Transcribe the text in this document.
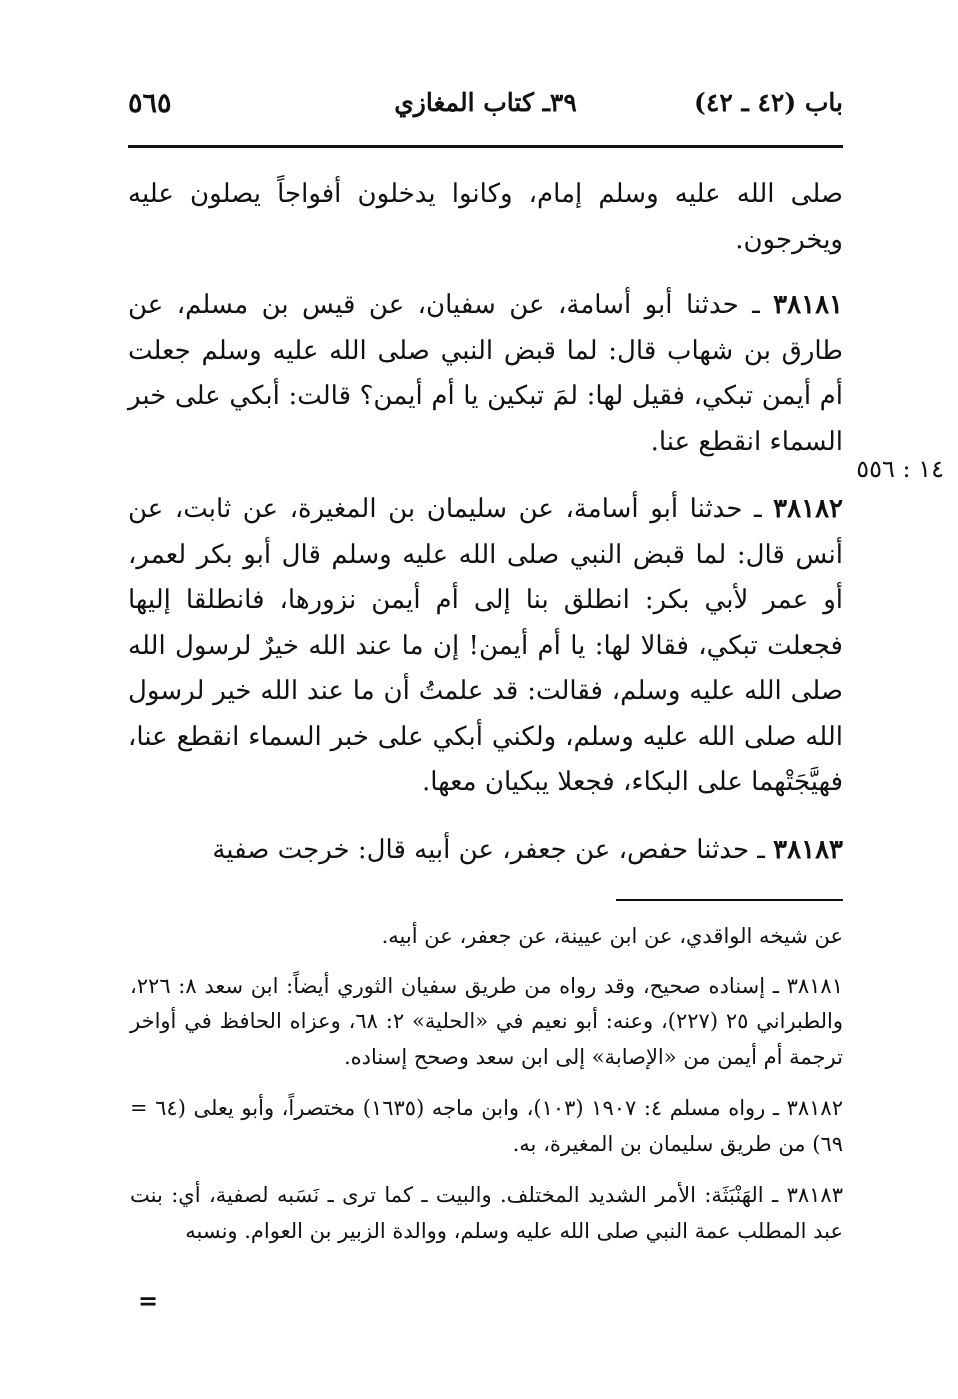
باب (٤٢ ـ ٤٢)
٣٩ـ كتاب المغازي
٥٦٥
١٤ : ٥٥٦

صلى الله عليه وسلم إمام، وكانوا يدخلون أفواجاً يصلون عليه ويخرجون.

٣٨١٨١ ـ حدثنا أبو أسامة، عن سفيان، عن قيس بن مسلم، عن طارق بن شهاب قال: لما قبض النبي صلى الله عليه وسلم جعلت أم أيمن تبكي، فقيل لها: لمَ تبكين يا أم أيمن؟ قالت: أبكي على خبر السماء انقطع عنا.

٣٨١٨٢ ـ حدثنا أبو أسامة، عن سليمان بن المغيرة، عن ثابت، عن أنس قال: لما قبض النبي صلى الله عليه وسلم قال أبو بكر لعمر، أو عمر لأبي بكر: انطلق بنا إلى أم أيمن نزورها، فانطلقا إليها فجعلت تبكي، فقالا لها: يا أم أيمن! إن ما عند الله خيرٌ لرسول الله صلى الله عليه وسلم، فقالت: قد علمتُ أن ما عند الله خير لرسول الله صلى الله عليه وسلم، ولكني أبكي على خبر السماء انقطع عنا، فهيَّجَتْهما على البكاء، فجعلا يبكيان معها.

٣٨١٨٣ ـ حدثنا حفص، عن جعفر، عن أبيه قال: خرجت صفية

عن شيخه الواقدي، عن ابن عيينة، عن جعفر، عن أبيه.

٣٨١٨١ ـ إسناده صحيح، وقد رواه من طريق سفيان الثوري أيضاً: ابن سعد ٨: ٢٢٦، والطبراني ٢٥ (٢٢٧)، وعنه: أبو نعيم في «الحلية» ٢: ٦٨، وعزاه الحافظ في أواخر ترجمة أم أيمن من «الإصابة» إلى ابن سعد وصحح إسناده.

٣٨١٨٢ ـ رواه مسلم ٤: ١٩٠٧ (١٠٣)، وابن ماجه (١٦٣٥) مختصراً، وأبو يعلى (٦٤ = ٦٩) من طريق سليمان بن المغيرة، به.

٣٨١٨٣ ـ الهَنْبَثَة: الأمر الشديد المختلف. والبيت ـ كما ترى ـ نَسَبه لصفية، أي: بنت عبد المطلب عمة النبي صلى الله عليه وسلم، ووالدة الزبير بن العوام. ونسبه

=
